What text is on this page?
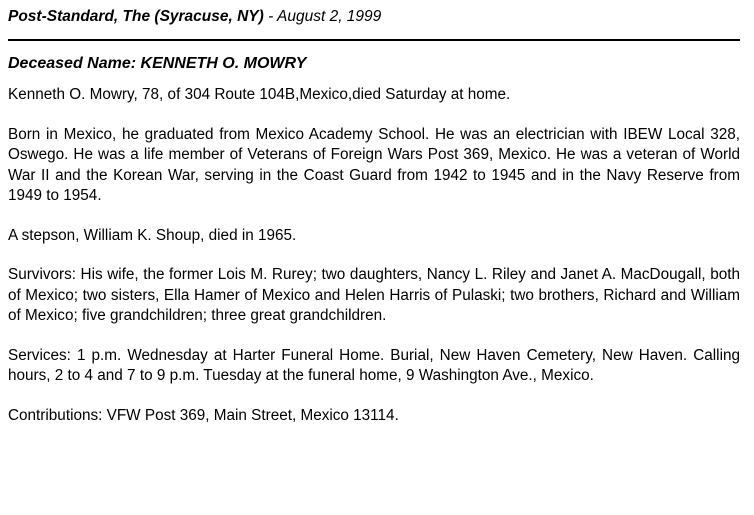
Post-Standard, The (Syracuse, NY) - August 2, 1999
Deceased Name: KENNETH O. MOWRY

Kenneth O. Mowry, 78, of 304 Route 104B,Mexico,died Saturday at home.

Born in Mexico, he graduated from Mexico Academy School. He was an electrician with IBEW Local 328, Oswego. He was a life member of Veterans of Foreign Wars Post 369, Mexico. He was a veteran of World War II and the Korean War, serving in the Coast Guard from 1942 to 1945 and in the Navy Reserve from 1949 to 1954.

A stepson, William K. Shoup, died in 1965.

Survivors: His wife, the former Lois M. Rurey; two daughters, Nancy L. Riley and Janet A. MacDougall, both of Mexico; two sisters, Ella Hamer of Mexico and Helen Harris of Pulaski; two brothers, Richard and William of Mexico; five grandchildren; three great grandchildren.

Services: 1 p.m. Wednesday at Harter Funeral Home. Burial, New Haven Cemetery, New Haven. Calling hours, 2 to 4 and 7 to 9 p.m. Tuesday at the funeral home, 9 Washington Ave., Mexico.

Contributions: VFW Post 369, Main Street, Mexico 13114.
